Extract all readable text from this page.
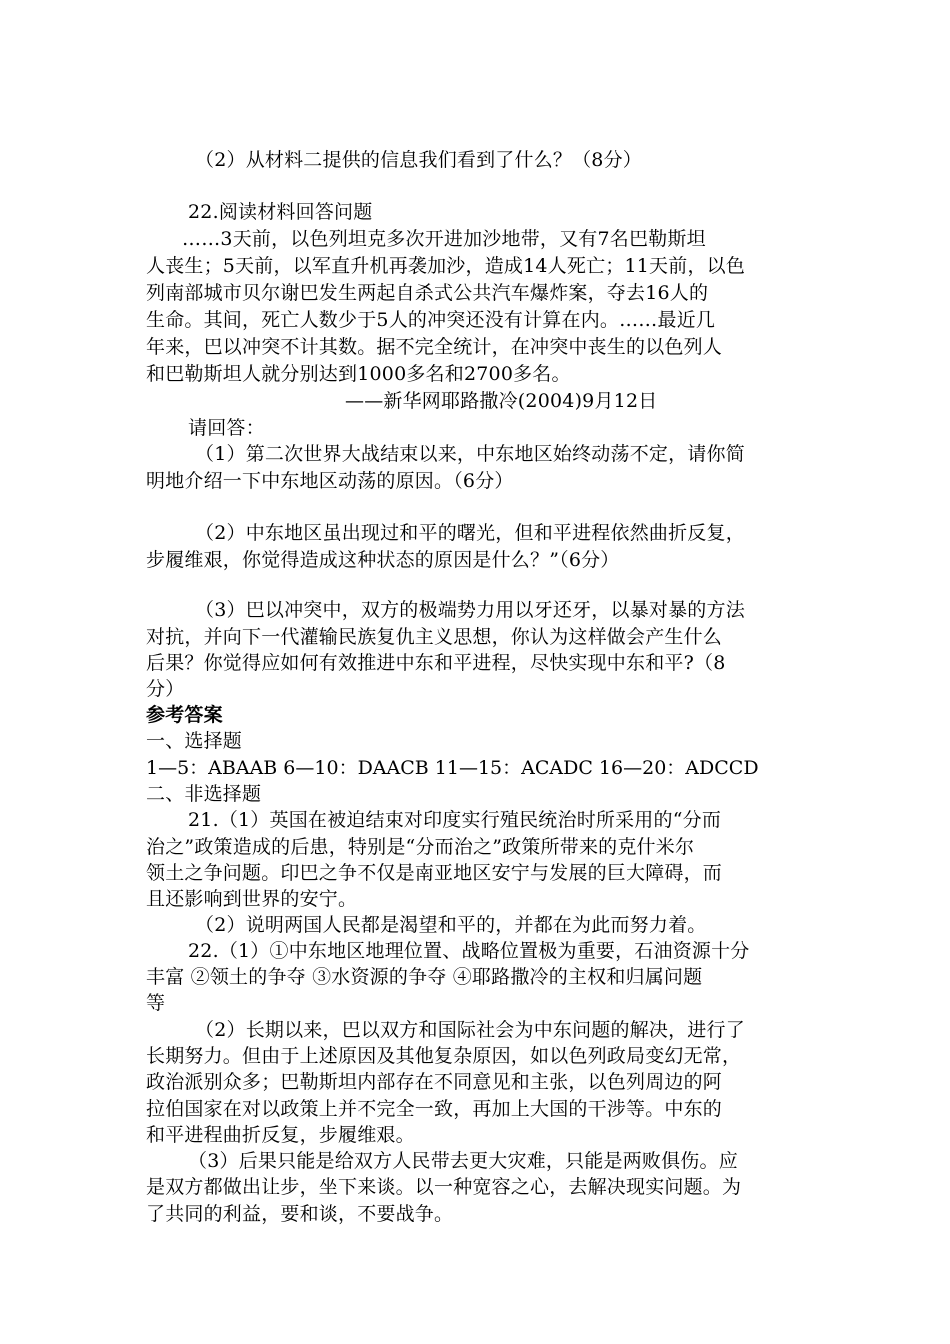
（2）从材料二提供的信息我们看到了什么？（8分）
22.阅读材料回答问题
……3天前，以色列坦克多次开进加沙地带，又有7名巴勒斯坦
人丧生；5天前，以军直升机再袭加沙，造成14人死亡；11天前，以色
列南部城市贝尔谢巴发生两起自杀式公共汽车爆炸案，夺去16人的
生命。其间，死亡人数少于5人的冲突还没有计算在内。……最近几
年来，巴以冲突不计其数。据不完全统计，在冲突中丧生的以色列人
和巴勒斯坦人就分别达到1000多名和2700多名。
——新华网耶路撒冷(2004)9月12日
请回答：
（1）第二次世界大战结束以来，中东地区始终动荡不定，请你简
明地介绍一下中东地区动荡的原因。（6分）
（2）中东地区虽出现过和平的曙光，但和平进程依然曲折反复，
步履维艰，你觉得造成这种状态的原因是什么？”（6分）
（3）巴以冲突中，双方的极端势力用以牙还牙，以暴对暴的方法
对抗，并向下一代灌输民族复仇主义思想，你认为这样做会产生什么
后果？你觉得应如何有效推进中东和平进程，尽快实现中东和平?（8
分）
参考答案
一、选择题
1—5：ABAAB 6—10：DAACB 11—15：ACADC 16—20：ADCCD
二、非选择题
21.（1）英国在被迫结束对印度实行殖民统治时所采用的“分而
治之”政策造成的后患，特别是“分而治之”政策所带来的克什米尔
领土之争问题。印巴之争不仅是南亚地区安宁与发展的巨大障碍，而
且还影响到世界的安宁。
（2）说明两国人民都是渴望和平的，并都在为此而努力着。
22.（1）①中东地区地理位置、战略位置极为重要，石油资源十分
丰富 ②领土的争夺 ③水资源的争夺 ④耶路撒冷的主权和归属问题
等
（2）长期以来，巴以双方和国际社会为中东问题的解决，进行了
长期努力。但由于上述原因及其他复杂原因，如以色列政局变幻无常，
政治派别众多；巴勒斯坦内部存在不同意见和主张，以色列周边的阿
拉伯国家在对以政策上并不完全一致，再加上大国的干涉等。中东的
和平进程曲折反复，步履维艰。
（3）后果只能是给双方人民带去更大灾难，只能是两败俱伤。应
是双方都做出让步，坐下来谈。以一种宽容之心，去解决现实问题。为
了共同的利益，要和谈，不要战争。
